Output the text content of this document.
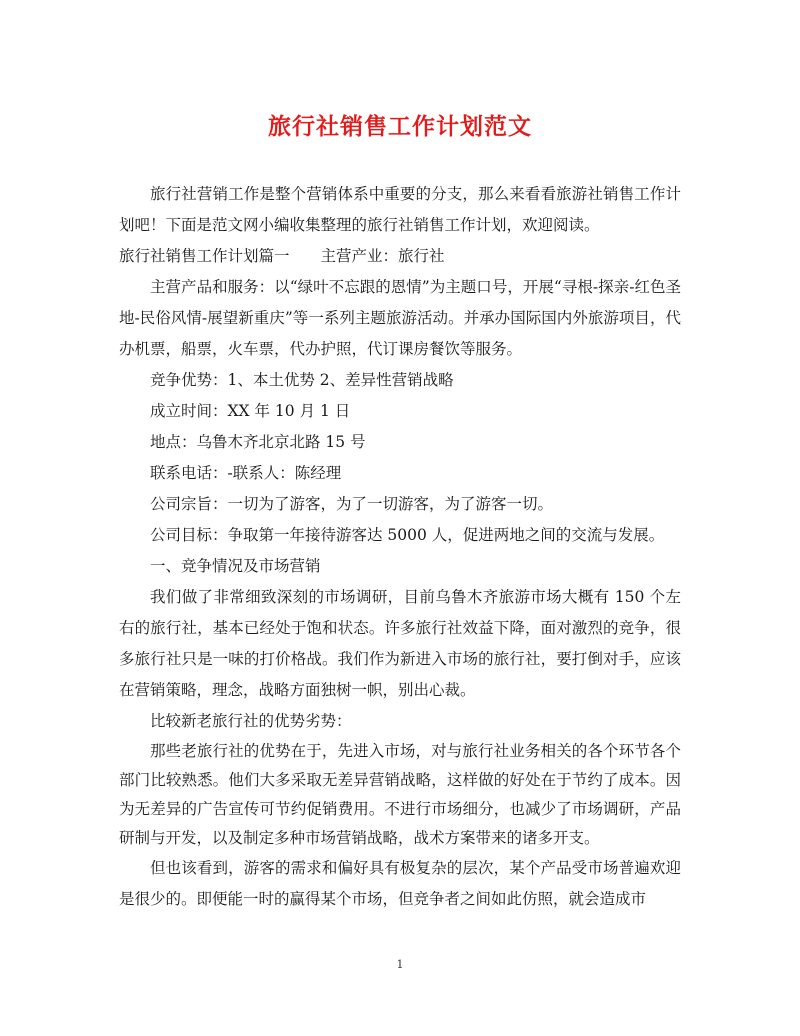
旅行社销售工作计划范文

旅行社营销工作是整个营销体系中重要的分支，那么来看看旅游社销售工作计划吧！下面是范文网小编收集整理的旅行社销售工作计划，欢迎阅读。

旅行社销售工作计划篇一　　主营产业：旅行社

主营产品和服务：以“绿叶不忘跟的恩情”为主题口号，开展“寻根-探亲-红色圣地-民俗风情-展望新重庆”等一系列主题旅游活动。并承办国际国内外旅游项目，代办机票，船票，火车票，代办护照，代订课房餐饮等服务。

竞争优势：1、本土优势 2、差异性营销战略

成立时间：XX 年 10 月 1 日

地点：乌鲁木齐北京北路 15 号

联系电话：-联系人：陈经理

公司宗旨：一切为了游客，为了一切游客，为了游客一切。

公司目标：争取第一年接待游客达 5000 人，促进两地之间的交流与发展。

一、竞争情况及市场营销

我们做了非常细致深刻的市场调研，目前乌鲁木齐旅游市场大概有 150 个左右的旅行社，基本已经处于饱和状态。许多旅行社效益下降，面对激烈的竞争，很多旅行社只是一味的打价格战。我们作为新进入市场的旅行社，要打倒对手，应该在营销策略，理念，战略方面独树一帜，别出心裁。

比较新老旅行社的优势劣势：

那些老旅行社的优势在于，先进入市场，对与旅行社业务相关的各个环节各个部门比较熟悉。他们大多采取无差异营销战略，这样做的好处在于节约了成本。因为无差异的广告宣传可节约促销费用。不进行市场细分，也减少了市场调研，产品研制与开发，以及制定多种市场营销战略，战术方案带来的诸多开支。

但也该看到，游客的需求和偏好具有极复杂的层次，某个产品受市场普遍欢迎是很少的。即便能一时的赢得某个市场，但竞争者之间如此仿照，就会造成市

1
